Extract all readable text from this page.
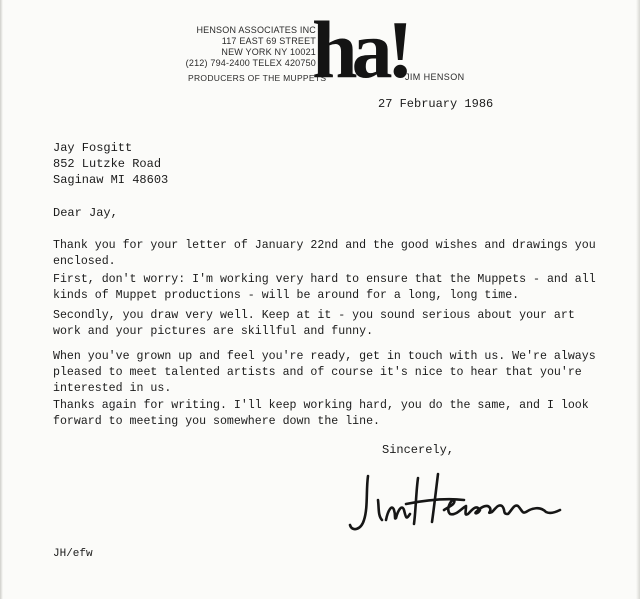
HENSON ASSOCIATES INC
117 EAST 69 STREET
NEW YORK NY 10021
(212) 794-2400 TELEX 420750
PRODUCERS OF THE MUPPETS
ha!
JIM HENSON
27 February 1986
Jay Fosgitt
852 Lutzke Road
Saginaw MI 48603
Dear Jay,

Thank you for your letter of January 22nd and the good wishes and drawings you
enclosed.

First, don't worry: I'm working very hard to ensure that the Muppets - and all
kinds of Muppet productions - will be around for a long, long time.

Secondly, you draw very well. Keep at it - you sound serious about your art
work and your pictures are skillful and funny.

When you've grown up and feel you're ready, get in touch with us. We're always
pleased to meet talented artists and of course it's nice to hear that you're
interested in us.

Thanks again for writing. I'll keep working hard, you do the same, and I look
forward to meeting you somewhere down the line.

Sincerely,
JH/efw
